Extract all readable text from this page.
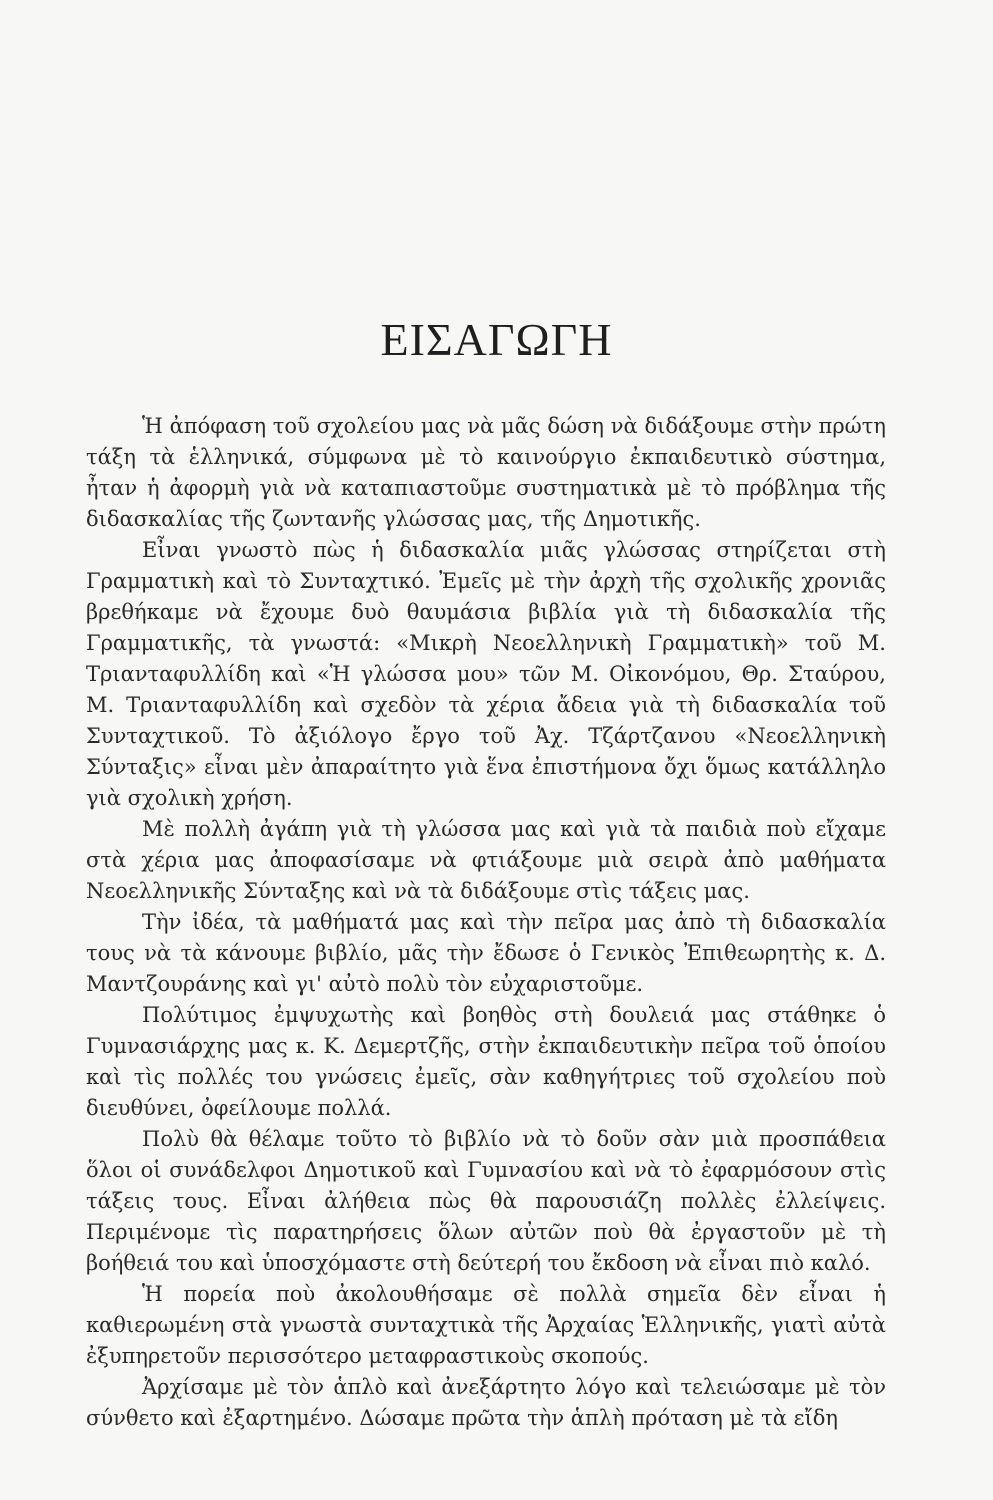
ΕΙΣΑΓΩΓΗ

Ἡ ἀπόφαση τοῦ σχολείου μας νὰ μᾶς δώση νὰ διδάξουμε στὴν πρώτη τάξη τὰ ἑλληνικά, σύμφωνα μὲ τὸ καινούργιο ἐκπαιδευτικὸ σύστημα, ἦταν ἡ ἀφορμὴ γιὰ νὰ καταπιαστοῦμε συστηματικὰ μὲ τὸ πρόβλημα τῆς διδασκαλίας τῆς ζωντανῆς γλώσσας μας, τῆς Δημοτικῆς.

Εἶναι γνωστὸ πὼς ἡ διδασκαλία μιᾶς γλώσσας στηρίζεται στὴ Γραμματικὴ καὶ τὸ Συνταχτικό. Ἐμεῖς μὲ τὴν ἀρχὴ τῆς σχολικῆς χρονιᾶς βρεθήκαμε νὰ ἔχουμε δυὸ θαυμάσια βιβλία γιὰ τὴ διδασκαλία τῆς Γραμματικῆς, τὰ γνωστά: «Μικρὴ Νεοελληνικὴ Γραμματικὴ» τοῦ Μ. Τριανταφυλλίδη καὶ «Ἡ γλώσσα μου» τῶν Μ. Οἰκονόμου, Θρ. Σταύρου, Μ. Τριανταφυλλίδη καὶ σχεδὸν τὰ χέρια ἄδεια γιὰ τὴ διδασκαλία τοῦ Συνταχτικοῦ. Τὸ ἀξιόλογο ἔργο τοῦ Ἀχ. Τζάρτζανου «Νεοελληνικὴ Σύνταξις» εἶναι μὲν ἀπαραίτητο γιὰ ἕνα ἐπιστήμονα ὄχι ὅμως κατάλληλο γιὰ σχολικὴ χρήση.

Μὲ πολλὴ ἀγάπη γιὰ τὴ γλώσσα μας καὶ γιὰ τὰ παιδιὰ ποὺ εἴχαμε στὰ χέρια μας ἀποφασίσαμε νὰ φτιάξουμε μιὰ σειρὰ ἀπὸ μαθήματα Νεοελληνικῆς Σύνταξης καὶ νὰ τὰ διδάξουμε στὶς τάξεις μας.

Τὴν ἰδέα, τὰ μαθήματά μας καὶ τὴν πεῖρα μας ἀπὸ τὴ διδασκαλία τους νὰ τὰ κάνουμε βιβλίο, μᾶς τὴν ἔδωσε ὁ Γενικὸς Ἐπιθεωρητὴς κ. Δ. Μαντζουράνης καὶ γι' αὐτὸ πολὺ τὸν εὐχαριστοῦμε.

Πολύτιμος ἐμψυχωτὴς καὶ βοηθὸς στὴ δουλειά μας στάθηκε ὁ Γυμνασιάρχης μας κ. Κ. Δεμερτζῆς, στὴν ἐκπαιδευτικὴν πεῖρα τοῦ ὁποίου καὶ τὶς πολλές του γνώσεις ἐμεῖς, σὰν καθηγήτριες τοῦ σχολείου ποὺ διευθύνει, ὀφείλουμε πολλά.

Πολὺ θὰ θέλαμε τοῦτο τὸ βιβλίο νὰ τὸ δοῦν σὰν μιὰ προσπάθεια ὅλοι οἱ συνάδελφοι Δημοτικοῦ καὶ Γυμνασίου καὶ νὰ τὸ ἐφαρμόσουν στὶς τάξεις τους. Εἶναι ἀλήθεια πὼς θὰ παρουσιάζη πολλὲς ἐλλείψεις. Περιμένομε τὶς παρατηρήσεις ὅλων αὐτῶν ποὺ θὰ ἐργαστοῦν μὲ τὴ βοήθειά του καὶ ὑποσχόμαστε στὴ δεύτερή του ἔκδοση νὰ εἶναι πιὸ καλό.

Ἡ πορεία ποὺ ἀκολουθήσαμε σὲ πολλὰ σημεῖα δὲν εἶναι ἡ καθιερωμένη στὰ γνωστὰ συνταχτικὰ τῆς Ἀρχαίας Ἑλληνικῆς, γιατὶ αὐτὰ ἐξυπηρετοῦν περισσότερο μεταφραστικοὺς σκοπούς.

Ἀρχίσαμε μὲ τὸν ἁπλὸ καὶ ἀνεξάρτητο λόγο καὶ τελειώσαμε μὲ τὸν σύνθετο καὶ ἐξαρτημένο. Δώσαμε πρῶτα τὴν ἁπλὴ πρόταση μὲ τὰ εἴδη
